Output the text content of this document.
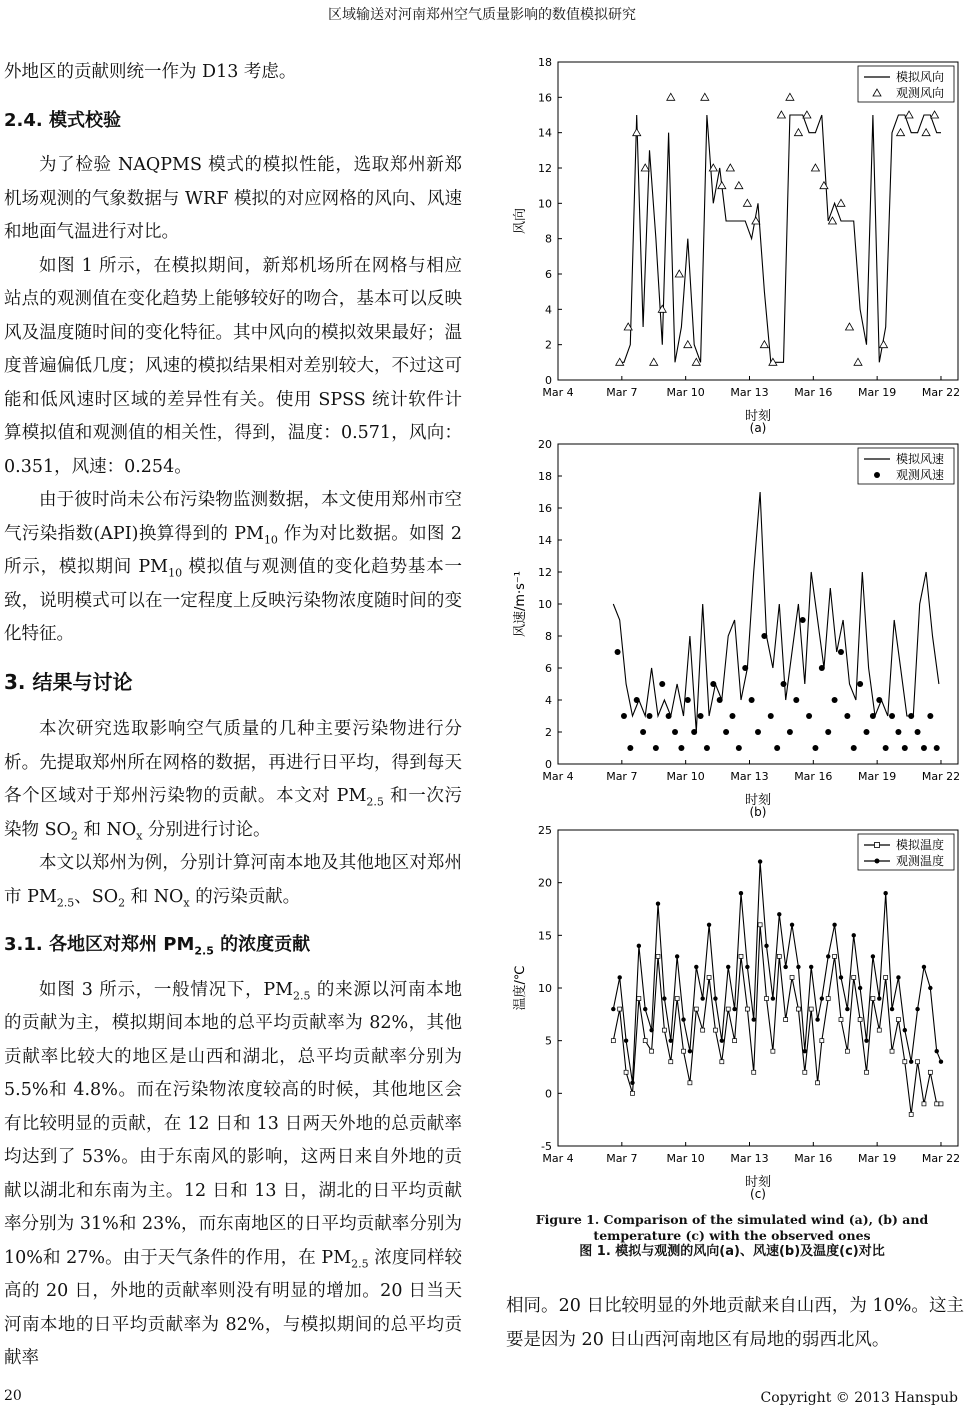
区域输送对河南郑州空气质量影响的数值模拟研究

外地区的贡献则统一作为 D13 考虑。

2.4. 模式校验

为了检验 NAQPMS 模式的模拟性能，选取郑州新郑机场观测的气象数据与 WRF 模拟的对应网格的风向、风速和地面气温进行对比。

如图 1 所示，在模拟期间，新郑机场所在网格与相应站点的观测值在变化趋势上能够较好的吻合，基本可以反映风及温度随时间的变化特征。其中风向的模拟效果最好；温度普遍偏低几度；风速的模拟结果相对差别较大，不过这可能和低风速时区域的差异性有关。使用 SPSS 统计软件计算模拟值和观测值的相关性，得到，温度：0.571，风向：0.351，风速：0.254。

由于彼时尚未公布污染物监测数据，本文使用郑州市空气污染指数(API)换算得到的 $PM_{10}$ 作为对比数据。如图 2 所示，模拟期间 $PM_{10}$ 模拟值与观测值的变化趋势基本一致，说明模式可以在一定程度上反映污染物浓度随时间的变化特征。

3. 结果与讨论

本次研究选取影响空气质量的几种主要污染物进行分析。先提取郑州所在网格的数据，再进行日平均，得到每天各个区域对于郑州污染物的贡献。本文对 $PM_{2.5}$ 和一次污染物 $SO_2$ 和 $NO_x$ 分别进行讨论。

本文以郑州为例，分别计算河南本地及其他地区对郑州市 $PM_{2.5}$、$SO_2$ 和 $NO_x$ 的污染贡献。

3.1. 各地区对郑州 $PM_{2.5}$ 的浓度贡献

如图 3 所示，一般情况下，$PM_{2.5}$ 的来源以河南本地的贡献为主，模拟期间本地的总平均贡献率为 82%，其他贡献率比较大的地区是山西和湖北，总平均贡献率分别为 5.5%和 4.8%。而在污染物浓度较高的时候，其他地区会有比较明显的贡献，在 12 日和 13 日两天外地的总贡献率均达到了 53%。由于东南风的影响，这两日来自外地的贡献以湖北和东南为主。12 日和 13 日，湖北的日平均贡献率分别为 31%和 23%，而东南地区的日平均贡献率分别为 10%和 27%。由于天气条件的作用，在 $PM_{2.5}$ 浓度同样较高的 20 日，外地的贡献率则没有明显的增加。20 日当天河南本地的日平均贡献率为 82%，与模拟期间的总平均贡献率

0
2
4
6
8
10
12
14
16
18
Mar 4	Mar 7	Mar 10 Mar 13 Mar 16 Mar 19 Mar 22
时刻
风向
(a)
模拟风向
观测风向
0
2
4
6
8
10
12
14
16
18
20
Mar 4	Mar 7	Mar 10 Mar 13 Mar 16 Mar 19 Mar 22
时刻
风速/m·s⁻¹
(b)
模拟风速
观测风速
-5
0
5
10
15
20
25
Mar 4	Mar 7	Mar 10 Mar 13 Mar 16 Mar 19 Mar 22
时刻
温度/℃
(c)
模拟温度
观测温度
Figure 1. Comparison of the simulated wind (a), (b) and temperature (c) with the observed ones
图 1. 模拟与观测的风向(a)、风速(b)及温度(c)对比
相同。20 日比较明显的外地贡献来自山西，为 10%。这主要是因为 20 日山西河南地区有局地的弱西北风。
20	Copyright © 2013 Hanspub
